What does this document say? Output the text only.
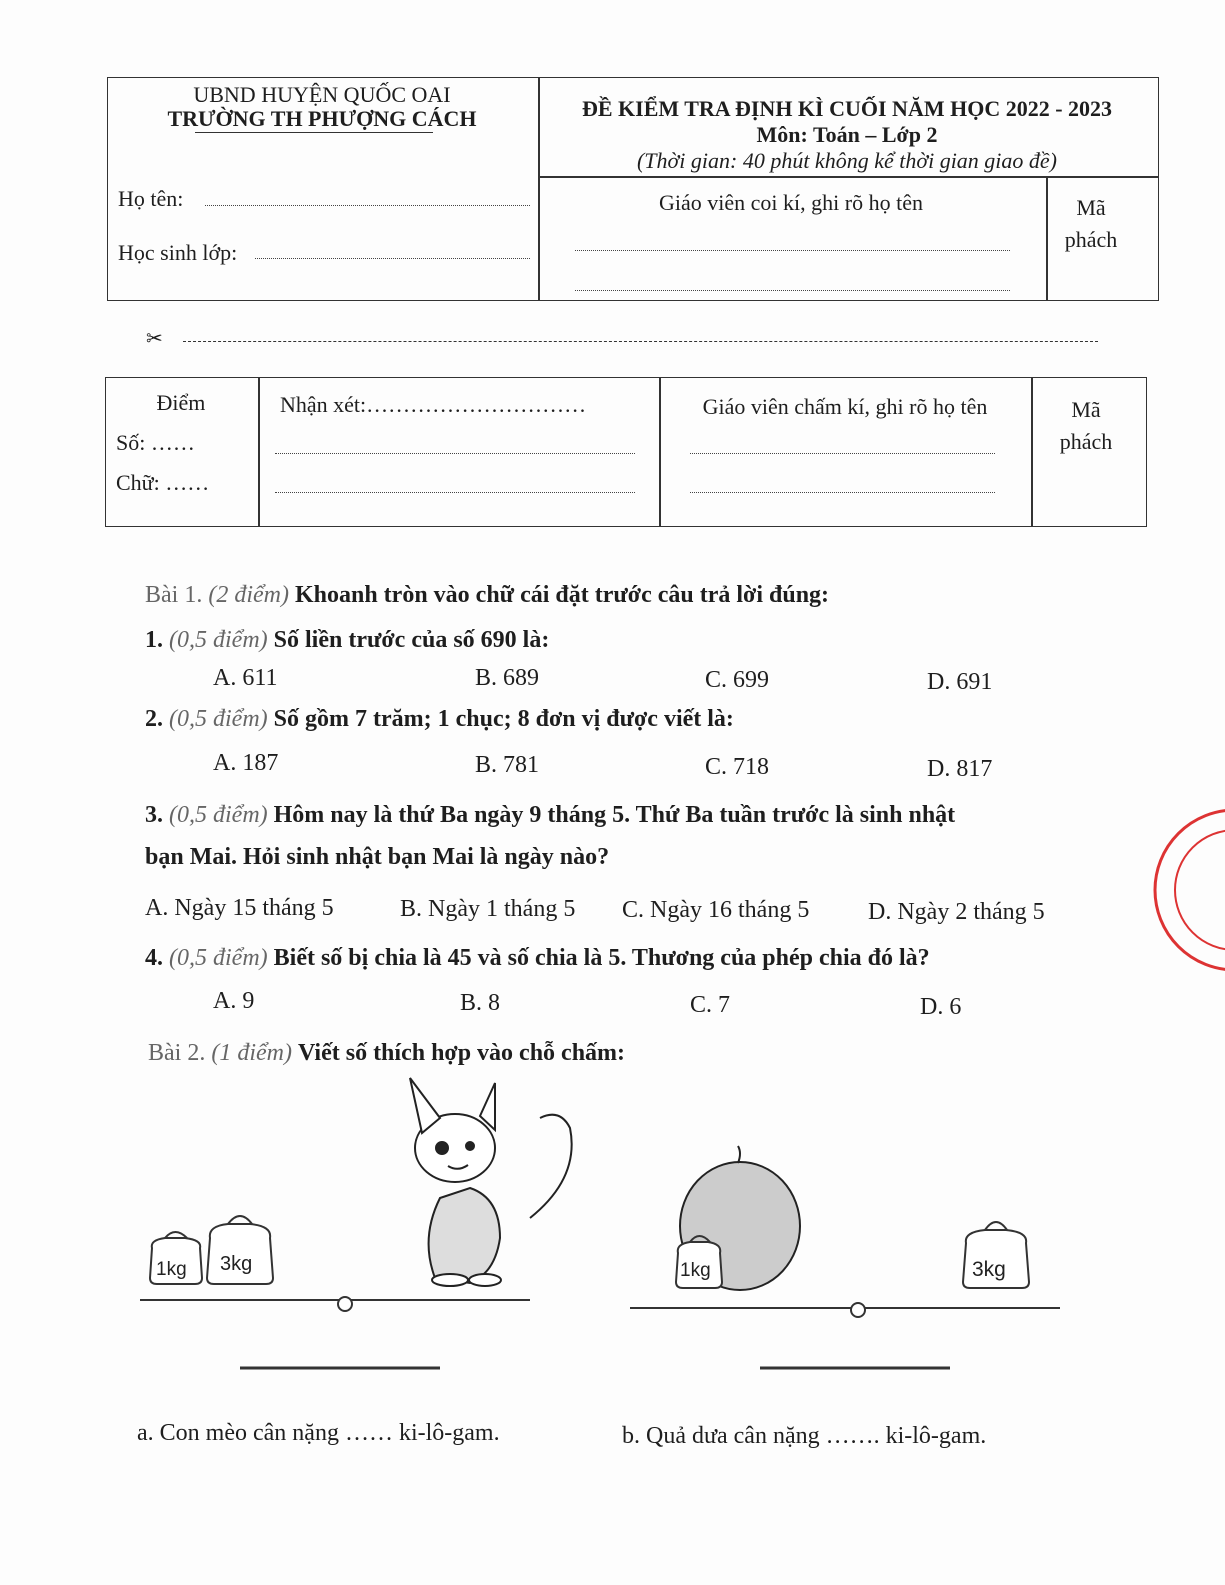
UBND HUYỆN QUỐC OAI
TRƯỜNG TH PHƯỢNG CÁCH	ĐỀ KIỂM TRA ĐỊNH KÌ CUỐI NĂM HỌC 2022 - 2023
Môn: Toán – Lớp 2
(Thời gian: 40 phút không kể thời gian giao đề)
Họ tên:
Học sinh lớp:
Giáo viên coi kí, ghi rõ họ tên	Mã phách
✂
Điểm
Số: ……
Chữ: ……
Nhận xét:…………………………	Giáo viên chấm kí, ghi rõ họ tên	Mã phách
Bài 1. (2 điểm) Khoanh tròn vào chữ cái đặt trước câu trả lời đúng:
1. (0,5 điểm) Số liền trước của số 690 là:
A. 611	B. 689	C. 699	D. 691
2. (0,5 điểm) Số gồm 7 trăm; 1 chục; 8 đơn vị được viết là:
A. 187	B. 781	C. 718	D. 817
3. (0,5 điểm) Hôm nay là thứ Ba ngày 9 tháng 5. Thứ Ba tuần trước là sinh nhật
bạn Mai. Hỏi sinh nhật bạn Mai là ngày nào?
A. Ngày 15 tháng 5	B. Ngày 1 tháng 5 C. Ngày 16 tháng 5 D. Ngày 2 tháng 5
4. (0,5 điểm) Biết số bị chia là 45 và số chia là 5. Thương của phép chia đó là?
A. 9	B. 8	C. 7	D. 6
Bài 2. (1 điểm) Viết số thích hợp vào chỗ chấm:
1kg 3kg	1kg	3kg
a. Con mèo cân nặng …… ki-lô-gam.	b. Quả dưa cân nặng ……. ki-lô-gam.
